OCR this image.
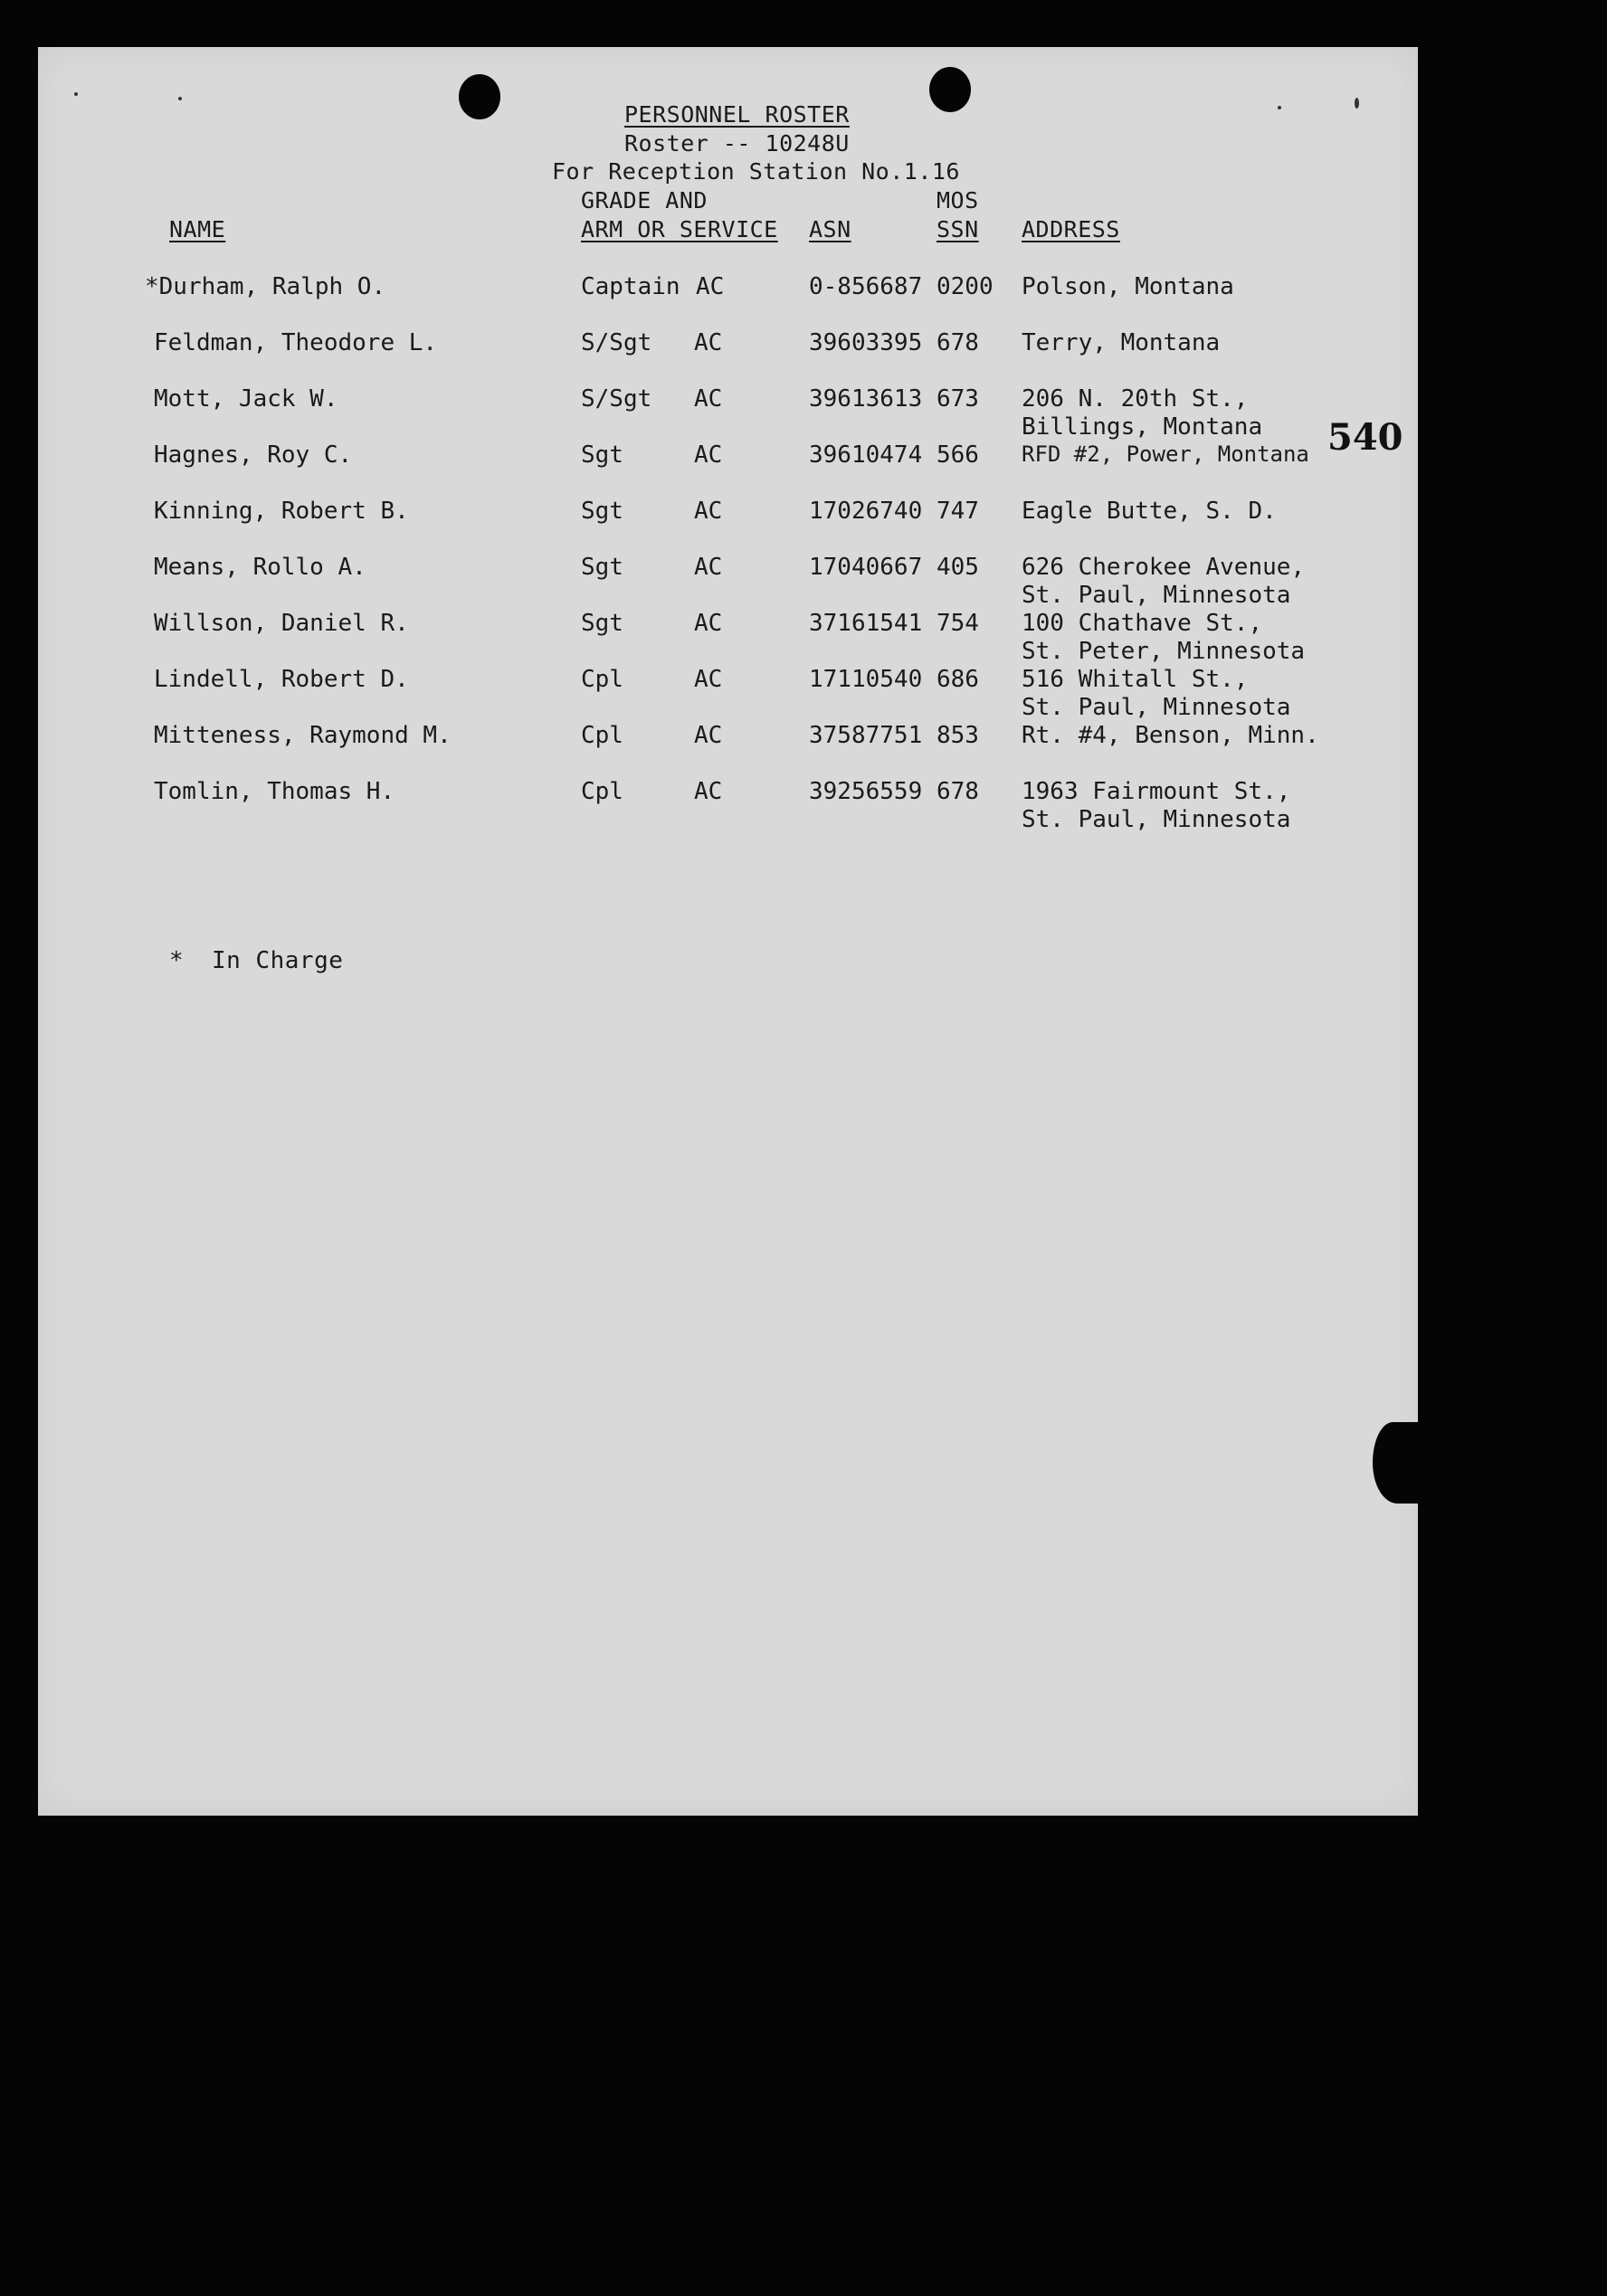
PERSONNEL ROSTER
Roster -- 10248U
For Reception Station No.1.16
540
GRADE AND	MOS
NAME	ARM OR SERVICE ASN	SSN ADDRESS
*Durham, Ralph O.	Captain AC	0-856687 0200 Polson, Montana
Feldman, Theodore L.	S/Sgt AC	39603395 678 Terry, Montana
Mott, Jack W.	S/Sgt AC	39613613 673 206 N. 20th St.,
Billings, Montana
Hagnes, Roy C.	Sgt	AC	39610474 566 RFD #2, Power, Montana
Kinning, Robert B.	Sgt	AC	17026740 747 Eagle Butte, S. D.
Means, Rollo A.	Sgt	AC	17040667 405 626 Cherokee Avenue,
St. Paul, Minnesota
Willson, Daniel R.	Sgt	AC	37161541 754 100 Chathave St.,
St. Peter, Minnesota
Lindell, Robert D.	Cpl	AC	17110540 686 516 Whitall St.,
St. Paul, Minnesota
Mitteness, Raymond M.	Cpl	AC	37587751 853 Rt. #4, Benson, Minn.
Tomlin, Thomas H.	Cpl	AC	39256559 678 1963 Fairmount St.,
St. Paul, Minnesota
* In Charge
